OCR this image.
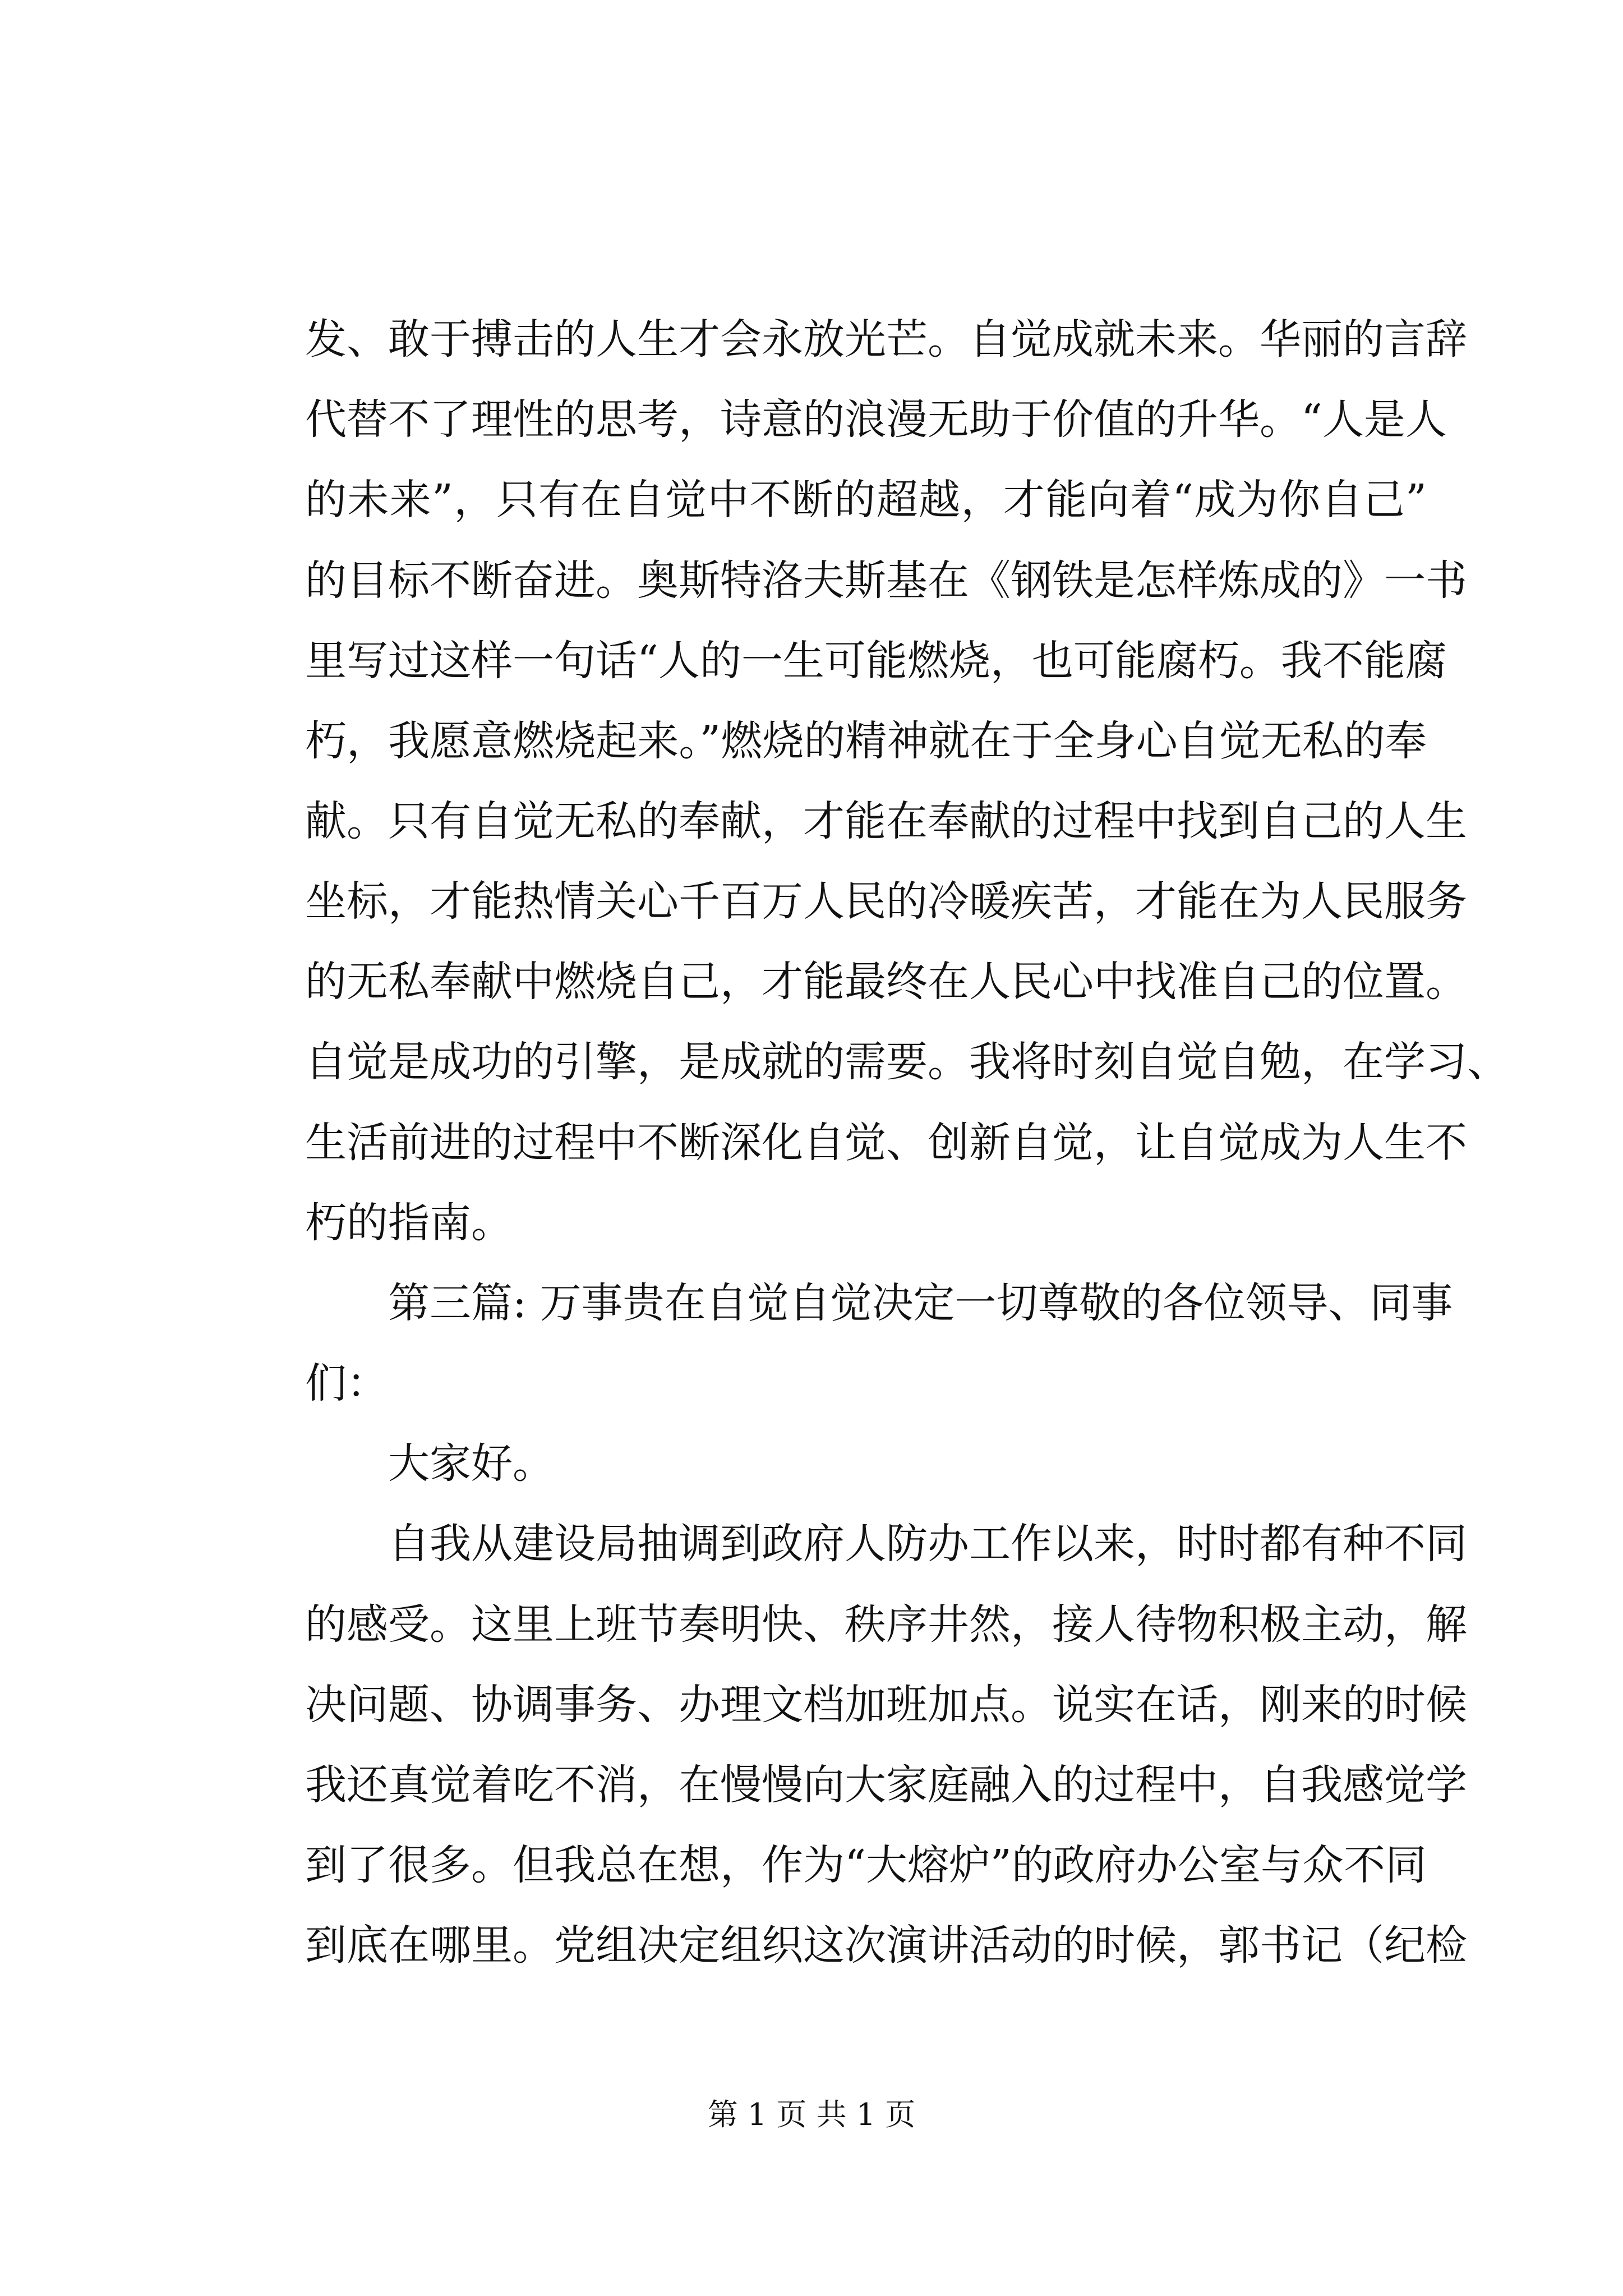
发、敢于搏击的人生才会永放光芒。自觉成就未来。华丽的言辞
代替不了理性的思考，诗意的浪漫无助于价值的升华。“人是人
的未来”，只有在自觉中不断的超越，才能向着“成为你自己”
的目标不断奋进。奥斯特洛夫斯基在《钢铁是怎样炼成的》一书
里写过这样一句话“人的一生可能燃烧，也可能腐朽。我不能腐
朽，我愿意燃烧起来。”燃烧的精神就在于全身心自觉无私的奉
献。只有自觉无私的奉献，才能在奉献的过程中找到自己的人生
坐标，才能热情关心千百万人民的冷暖疾苦，才能在为人民服务
的无私奉献中燃烧自己，才能最终在人民心中找准自己的位置。
自觉是成功的引擎，是成就的需要。我将时刻自觉自勉，在学习、
生活前进的过程中不断深化自觉、创新自觉，让自觉成为人生不
朽的指南。
第三篇: 万事贵在自觉自觉决定一切尊敬的各位领导、同事
们：
大家好。
自我从建设局抽调到政府人防办工作以来，时时都有种不同
的感受。这里上班节奏明快、秩序井然，接人待物积极主动，解
决问题、协调事务、办理文档加班加点。说实在话，刚来的时候
我还真觉着吃不消，在慢慢向大家庭融入的过程中，自我感觉学
到了很多。但我总在想，作为“大熔炉”的政府办公室与众不同
到底在哪里。党组决定组织这次演讲活动的时候，郭书记（纪检
第 1 页 共 1 页
